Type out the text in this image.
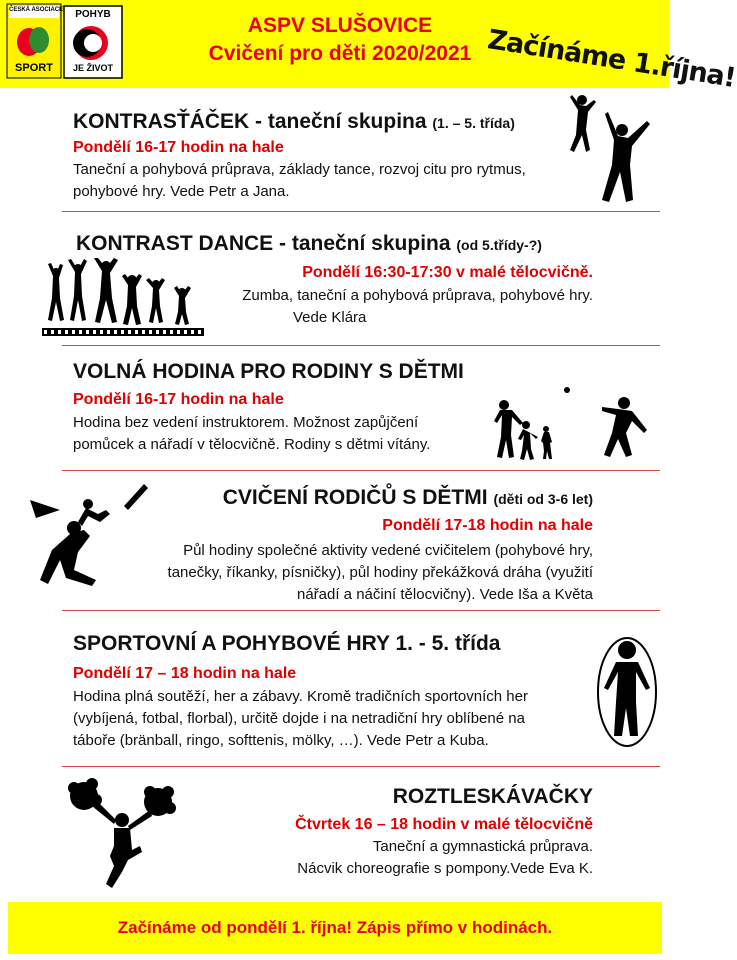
ČESKÁ ASOCIACE
SPORT
POHYB
JE ŽIVOT
ASPV SLUŠOVICE
Cvičení pro děti 2020/2021 Začínáme 1.října!
KONTRASŤÁČEK - taneční skupina (1. – 5. třída)
Pondělí 16-17 hodin na hale
Taneční a pohybová průprava, základy tance, rozvoj citu pro rytmus,
pohybové hry. Vede Petr a Jana.
KONTRAST DANCE - taneční skupina (od 5.třídy-?)
Pondělí 16:30-17:30 v malé tělocvičně.
Zumba, taneční a pohybová průprava, pohybové hry.
Vede Klára
VOLNÁ HODINA PRO RODINY S DĚTMI
Pondělí 16-17 hodin na hale
Hodina bez vedení instruktorem. Možnost zapůjčení
pomůcek a nářadí v tělocvičně. Rodiny s dětmi vítány.
CVIČENÍ RODIČŮ S DĚTMI (děti od 3-6 let)
Pondělí 17-18 hodin na hale
Půl hodiny společné aktivity vedené cvičitelem (pohybové hry,
tanečky, říkanky, písničky), půl hodiny překážková dráha (využití
nářadí a náčiní tělocvičny). Vede Iša a Květa
SPORTOVNÍ A POHYBOVÉ HRY 1. - 5. třída
Pondělí 17 – 18 hodin na hale
Hodina plná soutěží, her a zábavy. Kromě tradičních sportovních her
(vybíjená, fotbal, florbal), určitě dojde i na netradiční hry oblíbené na
táboře (bränball, ringo, softtenis, mölky, …). Vede Petr a Kuba.
ROZTLESKÁVAČKY
Čtvrtek 16 – 18 hodin v malé tělocvičně
Taneční a gymnastická průprava.
Nácvik choreografie s pompony.Vede Eva K.
Začínáme od pondělí 1. října! Zápis přímo v hodinách.
